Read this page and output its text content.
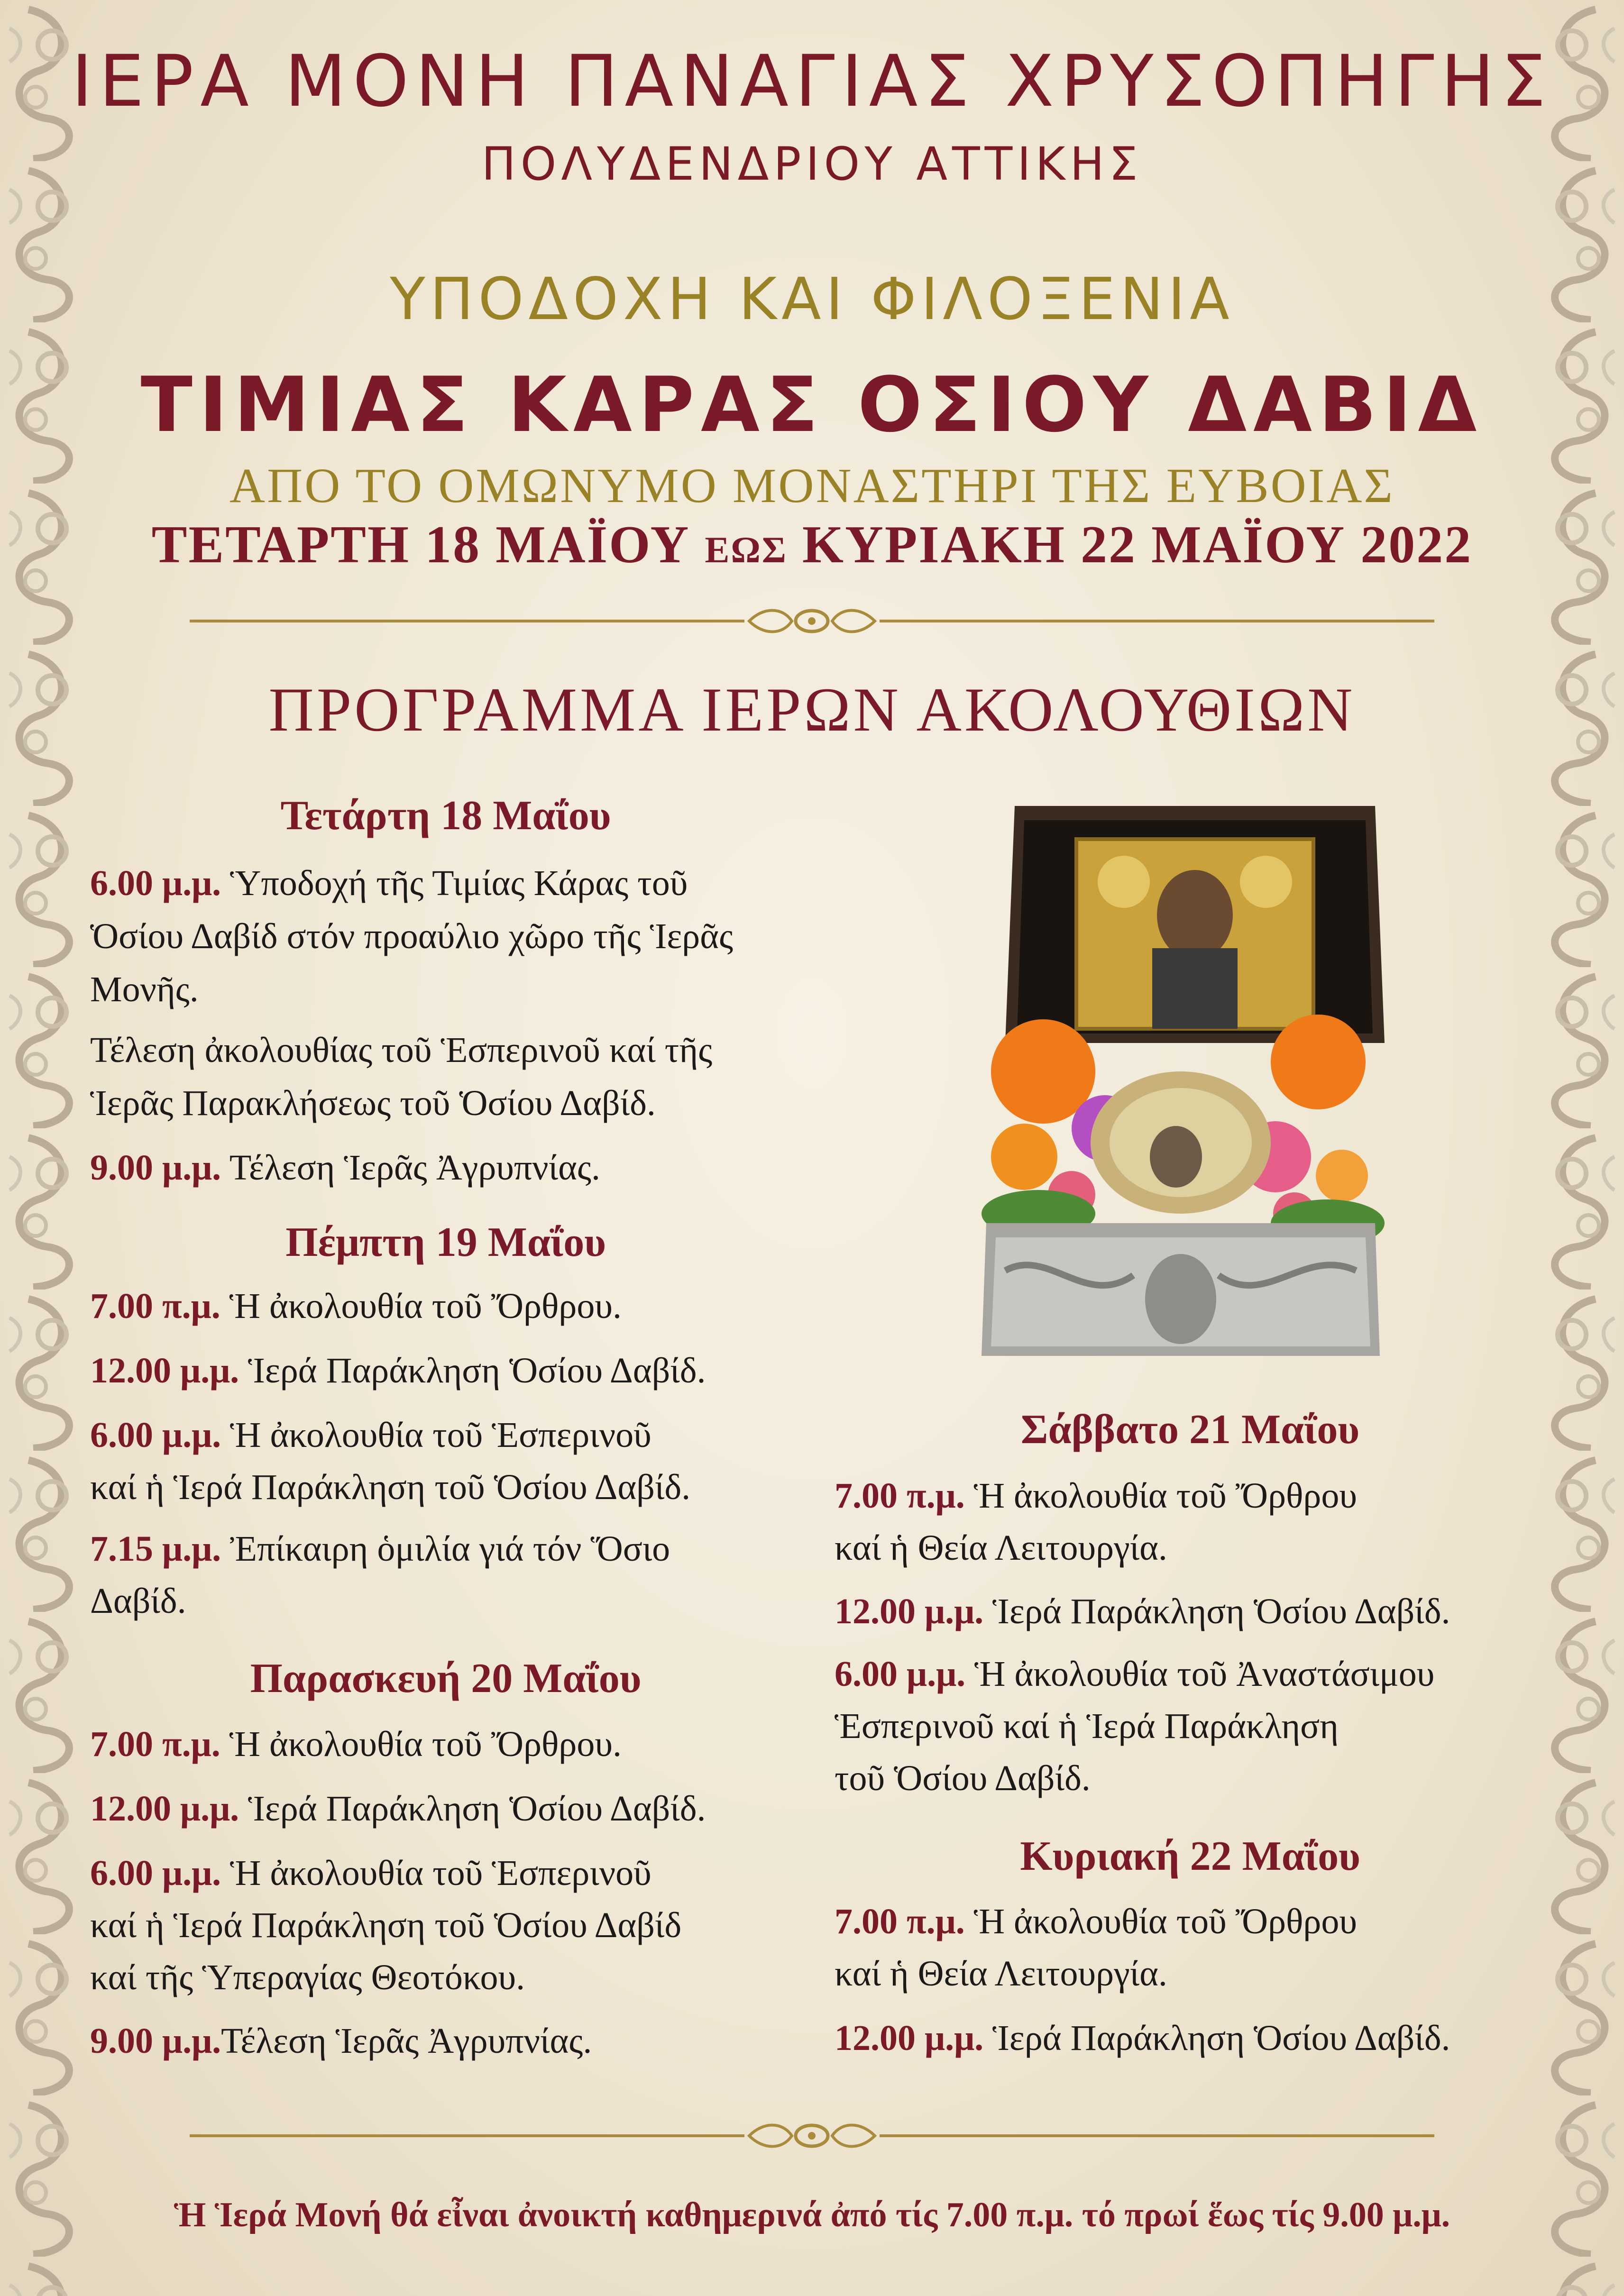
ΙΕΡΑ ΜΟΝΗ ΠΑΝΑΓΙΑΣ ΧΡΥΣΟΠΗΓΗΣ
ΠΟΛΥΔΕΝΔΡΙΟΥ ΑΤΤΙΚΗΣ
ΥΠΟΔΟΧΗ ΚΑΙ ΦΙΛΟΞΕΝΙΑ
ΤΙΜΙΑΣ ΚΑΡΑΣ ΟΣΙΟΥ ΔΑΒΙΔ
ΑΠΟ ΤΟ ΟΜΩΝΥΜΟ ΜΟΝΑΣΤΗΡΙ ΤΗΣ ΕΥΒΟΙΑΣ
ΤΕΤΑΡΤΗ 18 ΜΑΪΟΥ ΕΩΣ ΚΥΡΙΑΚΗ 22 ΜΑΪΟΥ 2022
ΠΡΟΓΡΑΜΜΑ ΙΕΡΩΝ ΑΚΟΛΟΥΘΙΩΝ
Τετάρτη 18 Μαΐου
6.00 μ.μ. Ὑποδοχή τῆς Τιμίας Κάρας τοῦ
Ὁσίου Δαβίδ στόν προαύλιο χῶρο τῆς Ἱερᾶς
Μονῆς.
Τέλεση ἀκολουθίας τοῦ Ἑσπερινοῦ καί τῆς
Ἱερᾶς Παρακλήσεως τοῦ Ὁσίου Δαβίδ.
9.00 μ.μ. Τέλεση Ἱερᾶς Ἀγρυπνίας.
Πέμπτη 19 Μαΐου
7.00 π.μ. Ἡ ἀκολουθία τοῦ Ὄρθρου.
12.00 μ.μ. Ἱερά Παράκληση Ὁσίου Δαβίδ.
6.00 μ.μ. Ἡ ἀκολουθία τοῦ Ἑσπερινοῦ
καί ἡ Ἱερά Παράκληση τοῦ Ὁσίου Δαβίδ.
7.15 μ.μ. Ἐπίκαιρη ὁμιλία γιά τόν Ὅσιο
Δαβίδ.
Παρασκευή 20 Μαΐου
7.00 π.μ. Ἡ ἀκολουθία τοῦ Ὄρθρου.
12.00 μ.μ. Ἱερά Παράκληση Ὁσίου Δαβίδ.
6.00 μ.μ. Ἡ ἀκολουθία τοῦ Ἑσπερινοῦ
καί ἡ Ἱερά Παράκληση τοῦ Ὁσίου Δαβίδ
καί τῆς Ὑπεραγίας Θεοτόκου.
9.00 μ.μ.Τέλεση Ἱερᾶς Ἀγρυπνίας.
Σάββατο 21 Μαΐου
7.00 π.μ. Ἡ ἀκολουθία τοῦ Ὄρθρου
καί ἡ Θεία Λειτουργία.
12.00 μ.μ. Ἱερά Παράκληση Ὁσίου Δαβίδ.
6.00 μ.μ. Ἡ ἀκολουθία τοῦ Ἀναστάσιμου
Ἑσπερινοῦ καί ἡ Ἱερά Παράκληση
τοῦ Ὁσίου Δαβίδ.
Κυριακή 22 Μαΐου
7.00 π.μ. Ἡ ἀκολουθία τοῦ Ὄρθρου
καί ἡ Θεία Λειτουργία.
12.00 μ.μ. Ἱερά Παράκληση Ὁσίου Δαβίδ.
Ἡ Ἱερά Μονή θά εἶναι ἀνοικτή καθημερινά ἀπό τίς 7.00 π.μ. τό πρωί ἕως τίς 9.00 μ.μ.
